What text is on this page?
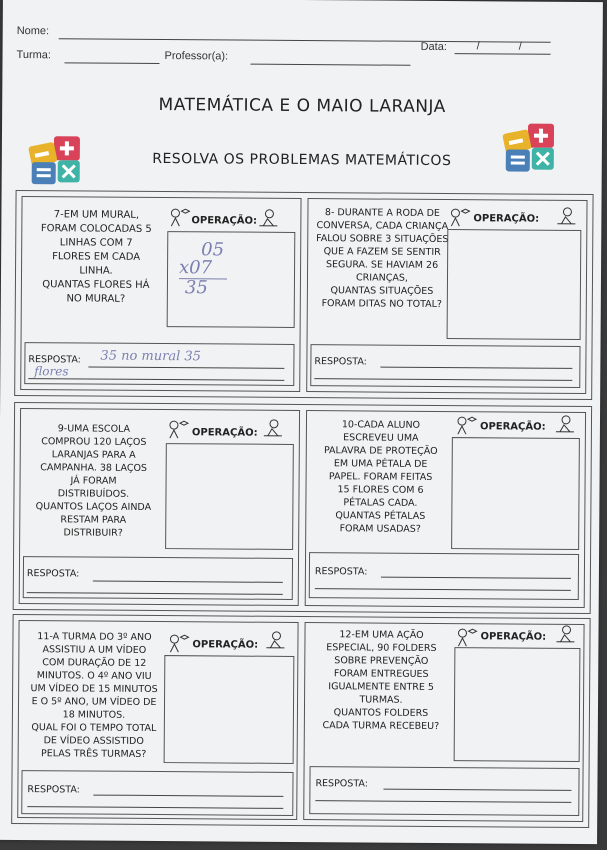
Nome:
Turma:	Professor(a):
Data:	/ /
MATEMÁTICA E O MAIO LARANJA
RESOLVA OS PROBLEMAS MATEMÁTICOS
7-EM UM MURAL,
FORAM COLOCADAS 5
LINHAS COM 7
FLORES EM CADA
LINHA.
QUANTAS FLORES HÁ
NO MURAL?
OPERAÇÃO:
05
x07
35
RESPOSTA: 35 no mural 35
flores
8- DURANTE A RODA DE
CONVERSA, CADA CRIANÇA
FALOU SOBRE 3 SITUAÇÕES
QUE A FAZEM SE SENTIR
SEGURA. SE HAVIAM 26
CRIANÇAS,
QUANTAS SITUAÇÕES
FORAM DITAS NO TOTAL?
OPERAÇÃO:
RESPOSTA:
9-UMA ESCOLA
COMPROU 120 LAÇOS
LARANJAS PARA A
CAMPANHA. 38 LAÇOS
JÁ FORAM
DISTRIBUÍDOS.
QUANTOS LAÇOS AINDA
RESTAM PARA
DISTRIBUIR?
OPERAÇÃO:
RESPOSTA:
10-CADA ALUNO
ESCREVEU UMA
PALAVRA DE PROTEÇÃO
EM UMA PÉTALA DE
PAPEL. FORAM FEITAS
15 FLORES COM 6
PÉTALAS CADA.
QUANTAS PÉTALAS
FORAM USADAS?
OPERAÇÃO:
RESPOSTA:
11-A TURMA DO 3º ANO
ASSISTIU A UM VÍDEO
COM DURAÇÃO DE 12
MINUTOS. O 4º ANO VIU
UM VÍDEO DE 15 MINUTOS
E O 5º ANO, UM VÍDEO DE
18 MINUTOS.
QUAL FOI O TEMPO TOTAL
DE VÍDEO ASSISTIDO
PELAS TRÊS TURMAS?
OPERAÇÃO:
RESPOSTA:
12-EM UMA AÇÃO
ESPECIAL, 90 FOLDERS
SOBRE PREVENÇÃO
FORAM ENTREGUES
IGUALMENTE ENTRE 5
TURMAS.
QUANTOS FOLDERS
CADA TURMA RECEBEU?
OPERAÇÃO:
RESPOSTA:
